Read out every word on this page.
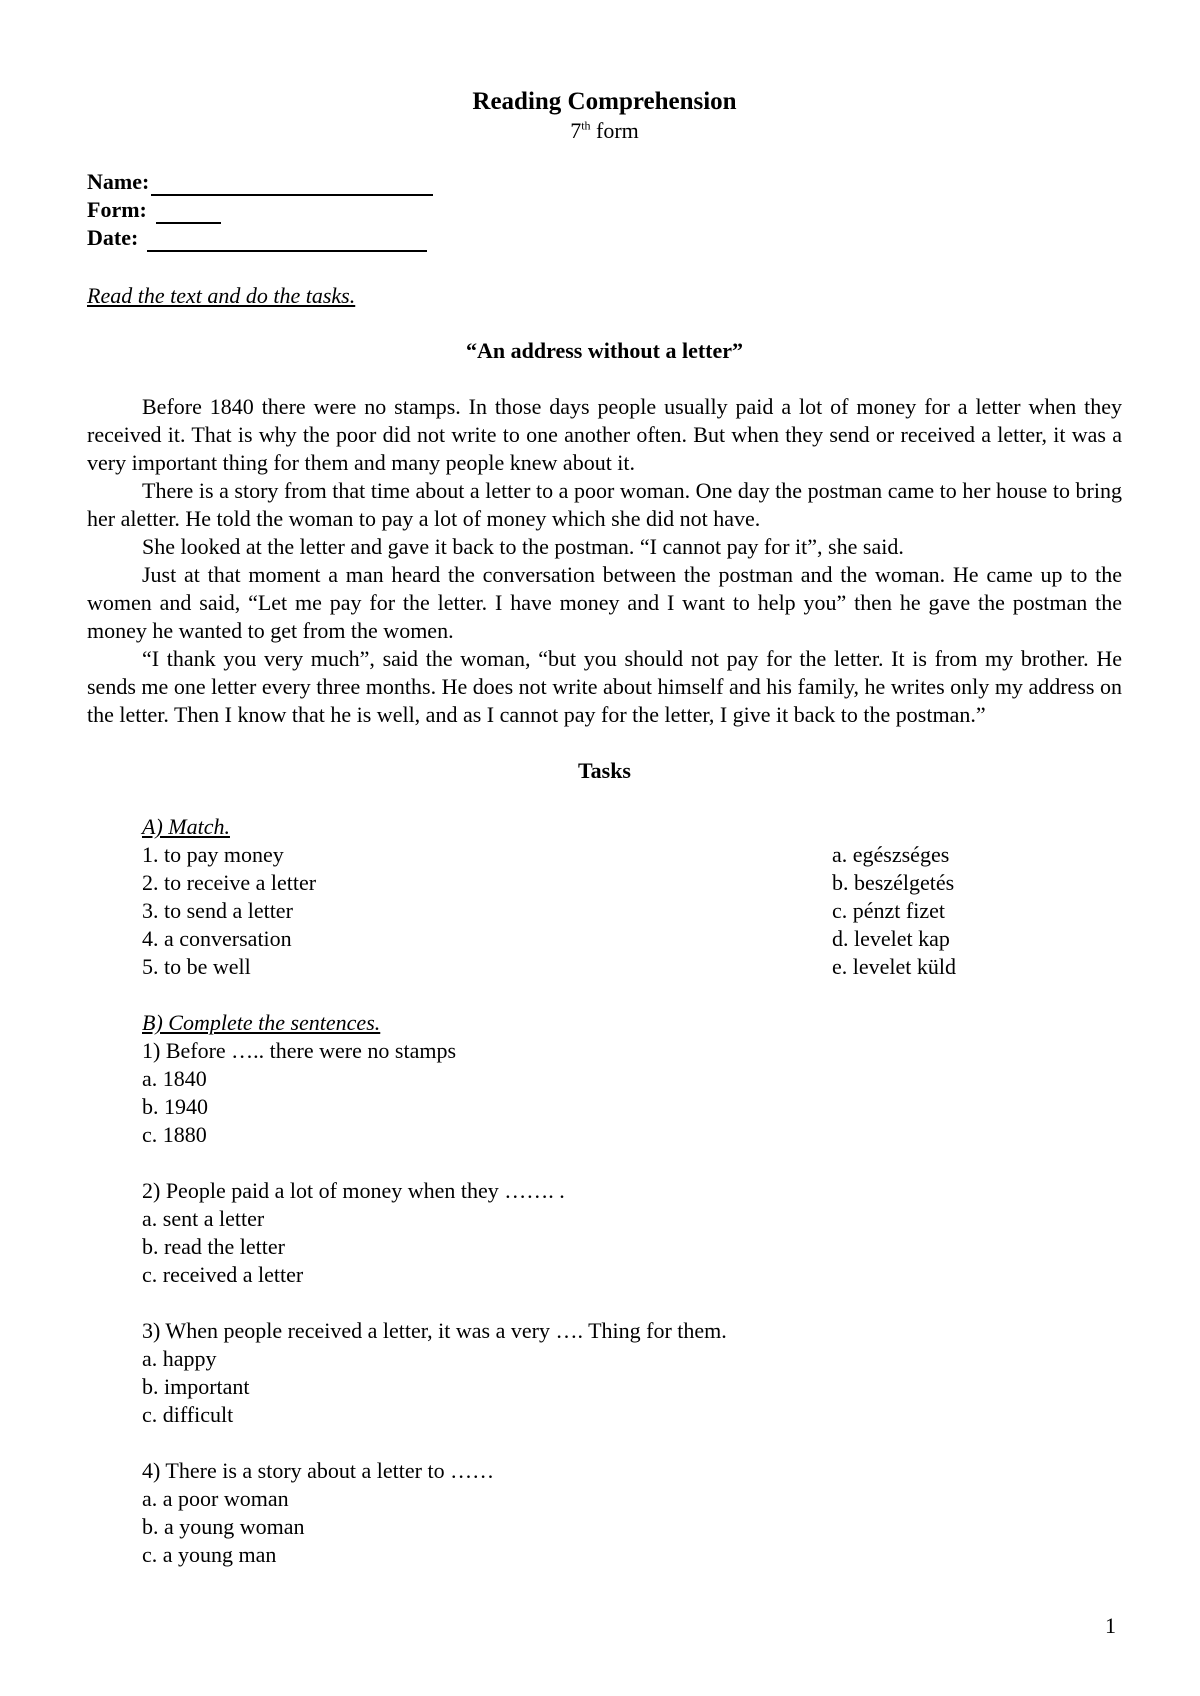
Reading Comprehension
7th form
Name:
Form:
Date:
Read the text and do the tasks.
“An address without a letter”

Before 1840 there were no stamps. In those days people usually paid a lot of money for a letter when they received it. That is why the poor did not write to one another often. But when they send or received a letter, it was a very important thing for them and many people knew about it.

There is a story from that time about a letter to a poor woman. One day the postman came to her house to bring her aletter. He told the woman to pay a lot of money which she did not have.

She looked at the letter and gave it back to the postman. “I cannot pay for it”, she said.

Just at that moment a man heard the conversation between the postman and the woman. He came up to the women and said, “Let me pay for the letter. I have money and I want to help you” then he gave the postman the money he wanted to get from the women.

“I thank you very much”, said the woman, “but you should not pay for the letter. It is from my brother. He sends me one letter every three months. He does not write about himself and his family, he writes only my address on the letter. Then I know that he is well, and as I cannot pay for the letter, I give it back to the postman.”

Tasks
A) Match.
1. to pay money
2. to receive a letter
3. to send a letter
4. a conversation
5. to be well
a. egészséges
b. beszélgetés
c. pénzt fizet
d. levelet kap
e. levelet küld
B) Complete the sentences.
1) Before ….. there were no stamps
a. 1840
b. 1940
c. 1880
2) People paid a lot of money when they ……. .
a. sent a letter
b. read the letter
c. received a letter
3) When people received a letter, it was a very …. Thing for them.
a. happy
b. important
c. difficult
4) There is a story about a letter to ……
a. a poor woman
b. a young woman
c. a young man
1
